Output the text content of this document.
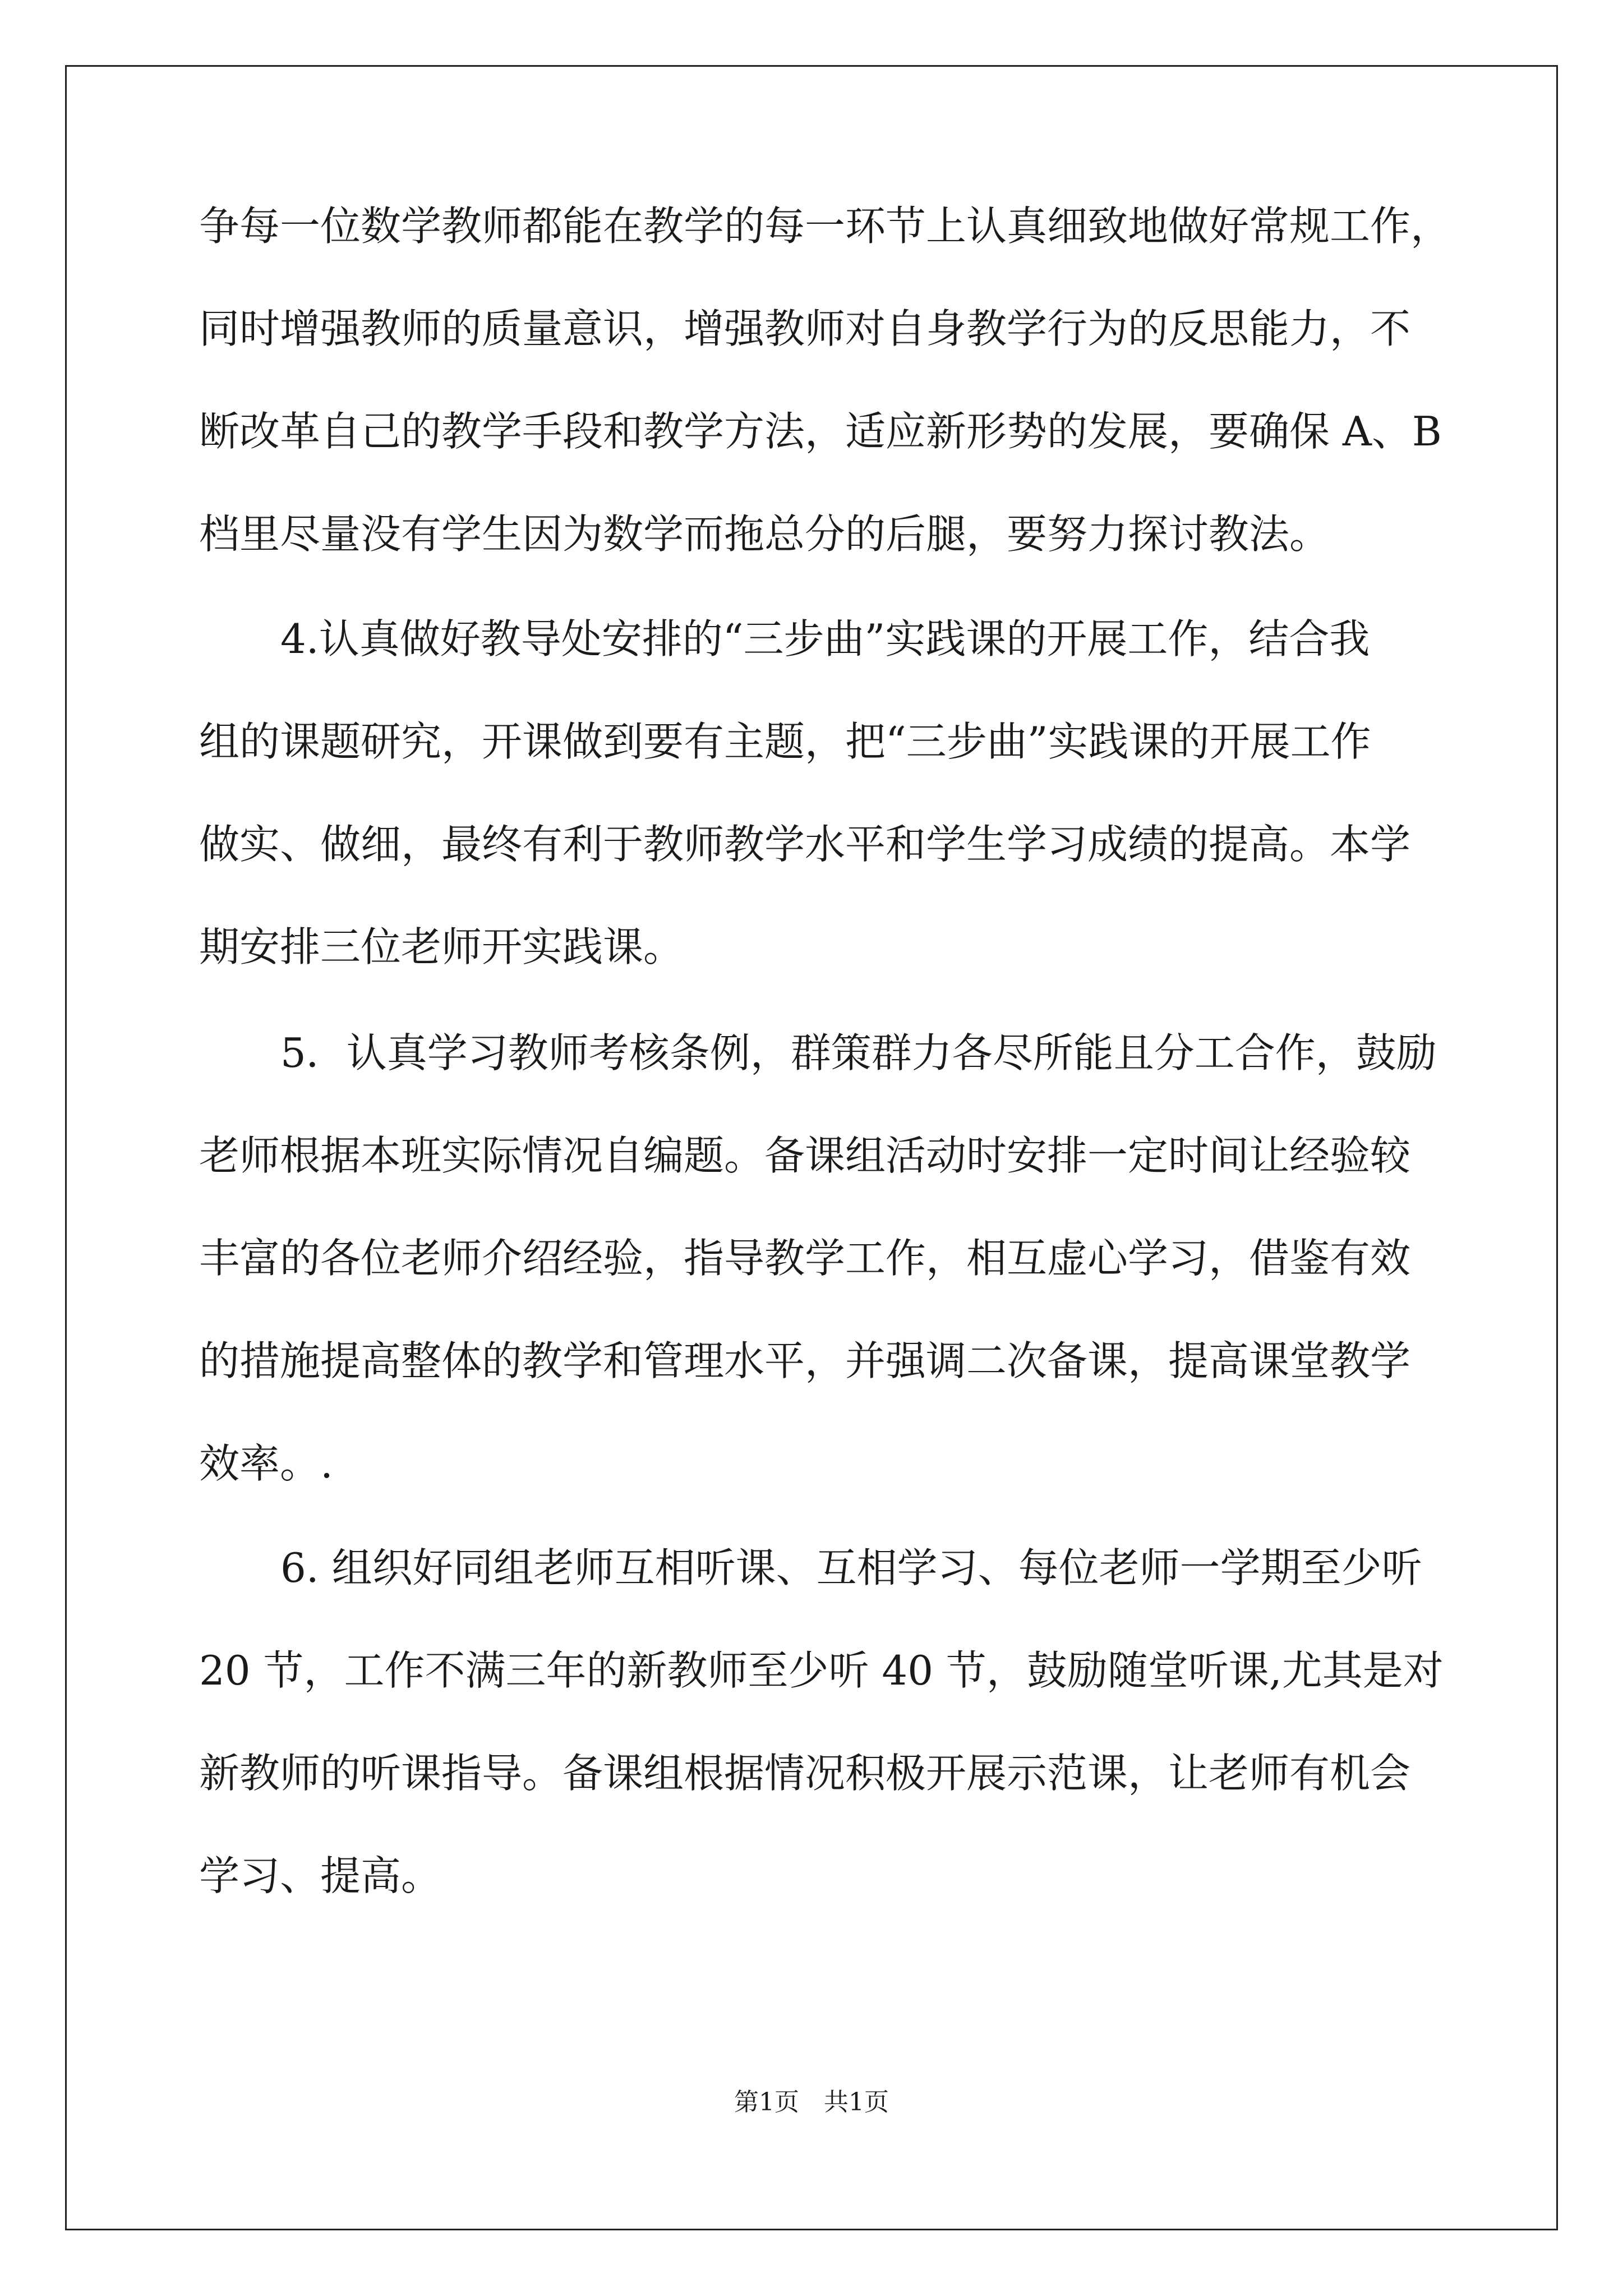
争每一位数学教师都能在教学的每一环节上认真细致地做好常规工作，
同时增强教师的质量意识，增强教师对自身教学行为的反思能力，不
断改革自己的教学手段和教学方法，适应新形势的发展，要确保 A、B
档里尽量没有学生因为数学而拖总分的后腿，要努力探讨教法。
4.认真做好教导处安排的“三步曲”实践课的开展工作，结合我
组的课题研究，开课做到要有主题，把“三步曲”实践课的开展工作
做实、做细，最终有利于教师教学水平和学生学习成绩的提高。本学
期安排三位老师开实践课。
5．认真学习教师考核条例，群策群力各尽所能且分工合作，鼓励
老师根据本班实际情况自编题。备课组活动时安排一定时间让经验较
丰富的各位老师介绍经验，指导教学工作，相互虚心学习，借鉴有效
的措施提高整体的教学和管理水平，并强调二次备课，提高课堂教学
效率。.
6. 组织好同组老师互相听课、互相学习、每位老师一学期至少听
20 节，工作不满三年的新教师至少听 40 节，鼓励随堂听课,尤其是对
新教师的听课指导。备课组根据情况积极开展示范课，让老师有机会
学习、提高。
第1页　共1页
